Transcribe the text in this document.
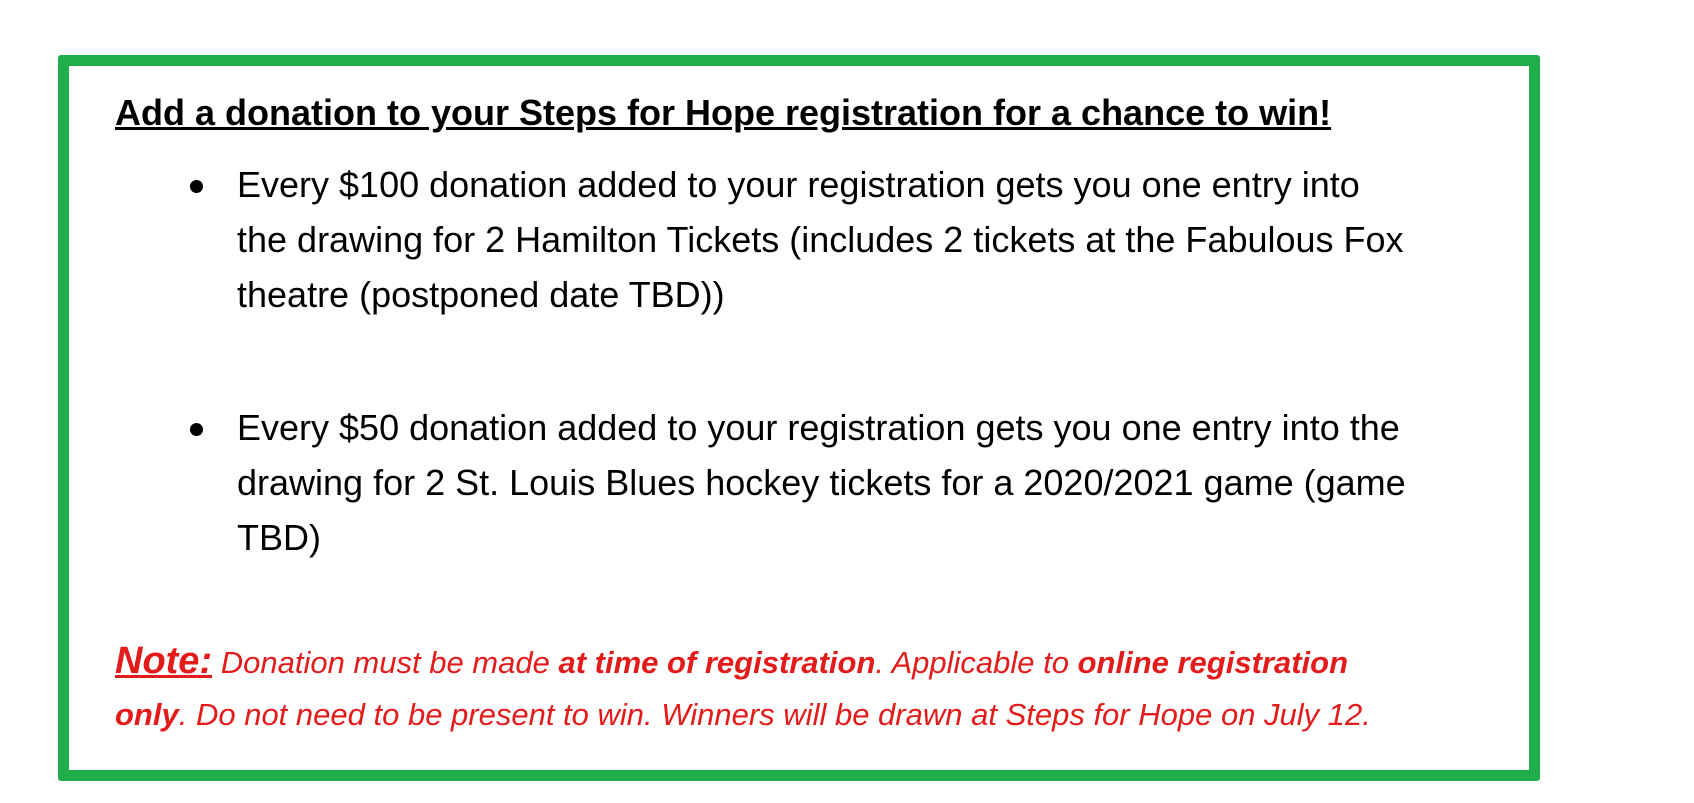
Add a donation to your Steps for Hope registration for a chance to win!
Every $100 donation added to your registration gets you one entry into
the drawing for 2 Hamilton Tickets (includes 2 tickets at the Fabulous Fox
theatre (postponed date TBD))
Every $50 donation added to your registration gets you one entry into the
drawing for 2 St. Louis Blues hockey tickets for a 2020/2021 game (game
TBD)
Note: Donation must be made at time of registration. Applicable to online registration
only. Do not need to be present to win. Winners will be drawn at Steps for Hope on July 12.
